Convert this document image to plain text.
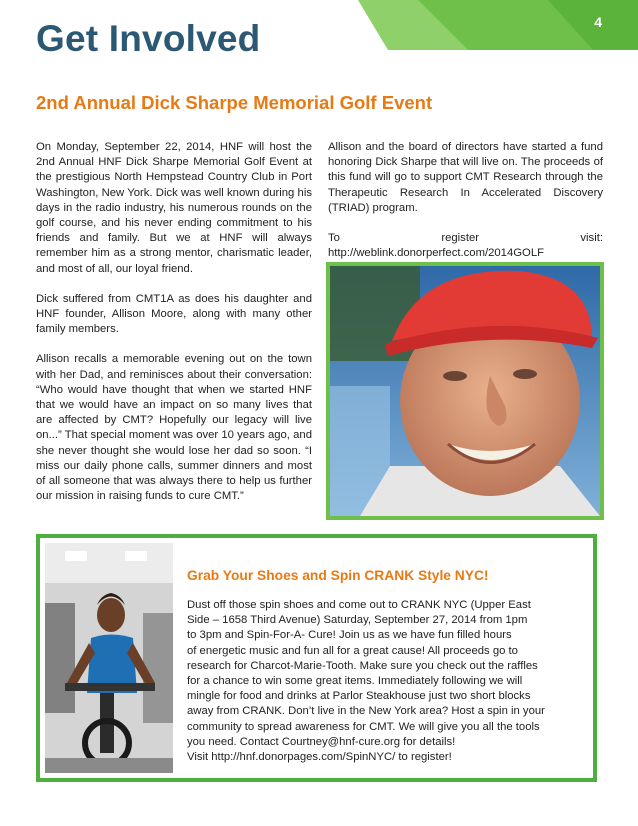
4
Get Involved
2nd Annual Dick Sharpe Memorial Golf Event

On Monday, September 22, 2014, HNF will host the 2nd Annual HNF Dick Sharpe Memorial Golf Event at the prestigious North Hempstead Country Club in Port Washington, New York. Dick was well known during his days in the radio industry, his numerous rounds on the golf course, and his never ending commitment to his friends and family. But we at HNF will always remember him as a strong mentor, charismatic leader, and most of all, our loyal friend.

Dick suffered from CMT1A as does his daughter and HNF founder, Allison Moore, along with many other family members.

Allison recalls a memorable evening out on the town with her Dad, and reminisces about their conversation: “Who would have thought that when we started HNF that we would have an impact on so many lives that are affected by CMT? Hopefully our legacy will live on...” That special moment was over 10 years ago, and she never thought she would lose her dad so soon. “I miss our daily phone calls, summer dinners and most of all someone that was always there to help us further our mission in raising funds to cure CMT.”

Allison and the board of directors have started a fund honoring Dick Sharpe that will live on. The proceeds of this fund will go to support CMT Research through the Therapeutic Research In Accelerated Discovery (TRIAD) program.

To register visit: http://weblink.donorperfect.com/2014GOLF

Grab Your Shoes and Spin CRANK Style NYC!

Dust off those spin shoes and come out to CRANK NYC (Upper East

Side – 1658 Third Avenue) Saturday, September 27, 2014 from 1pm

to 3pm and Spin-For-A- Cure! Join us as we have fun filled hours

of energetic music and fun all for a great cause! All proceeds go to

research for Charcot-Marie-Tooth. Make sure you check out the raffles

for a chance to win some great items. Immediately following we will

mingle for food and drinks at Parlor Steakhouse just two short blocks

away from CRANK. Don’t live in the New York area? Host a spin in your

community to spread awareness for CMT. We will give you all the tools

you need. Contact Courtney@hnf-cure.org for details!

Visit http://hnf.donorpages.com/SpinNYC/ to register!
